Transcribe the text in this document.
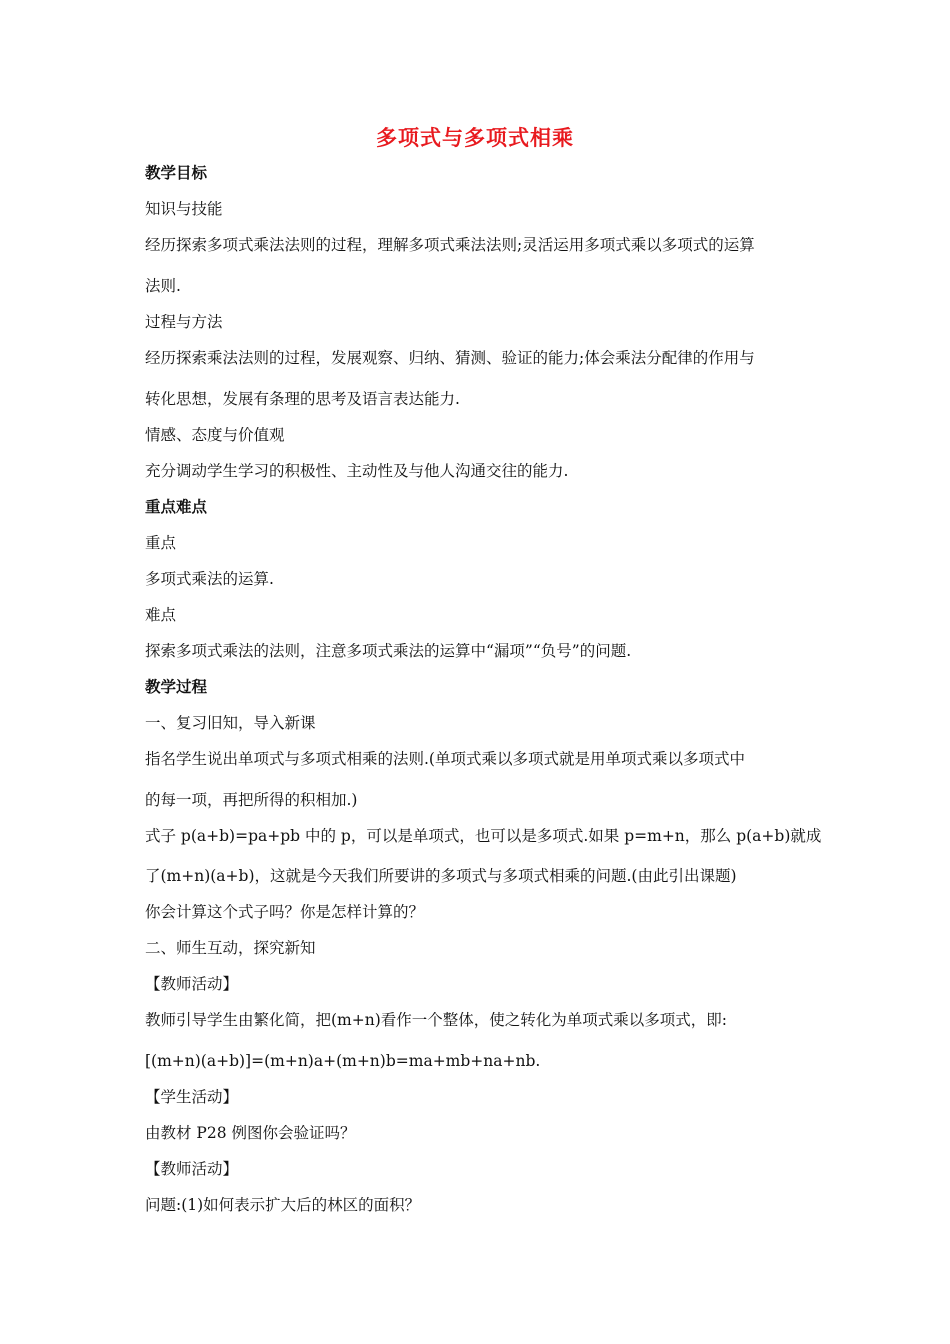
多项式与多项式相乘
教学目标
知识与技能
经历探索多项式乘法法则的过程，理解多项式乘法法则;灵活运用多项式乘以多项式的运算
法则.
过程与方法
经历探索乘法法则的过程，发展观察、归纳、猜测、验证的能力;体会乘法分配律的作用与
转化思想，发展有条理的思考及语言表达能力.
情感、态度与价值观
充分调动学生学习的积极性、主动性及与他人沟通交往的能力.
重点难点
重点
多项式乘法的运算.
难点
探索多项式乘法的法则，注意多项式乘法的运算中“漏项”“负号”的问题.
教学过程
一、复习旧知，导入新课
指名学生说出单项式与多项式相乘的法则.(单项式乘以多项式就是用单项式乘以多项式中
的每一项，再把所得的积相加.)
式子 p(a+b)=pa+pb 中的 p，可以是单项式，也可以是多项式.如果 p=m+n，那么 p(a+b)就成
了(m+n)(a+b)，这就是今天我们所要讲的多项式与多项式相乘的问题.(由此引出课题)
你会计算这个式子吗？你是怎样计算的？
二、师生互动，探究新知
【教师活动】
教师引导学生由繁化简，把(m+n)看作一个整体，使之转化为单项式乘以多项式，即:
[(m+n)(a+b)]=(m+n)a+(m+n)b=ma+mb+na+nb.
【学生活动】
由教材 P28 例图你会验证吗？
【教师活动】
问题:(1)如何表示扩大后的林区的面积？
